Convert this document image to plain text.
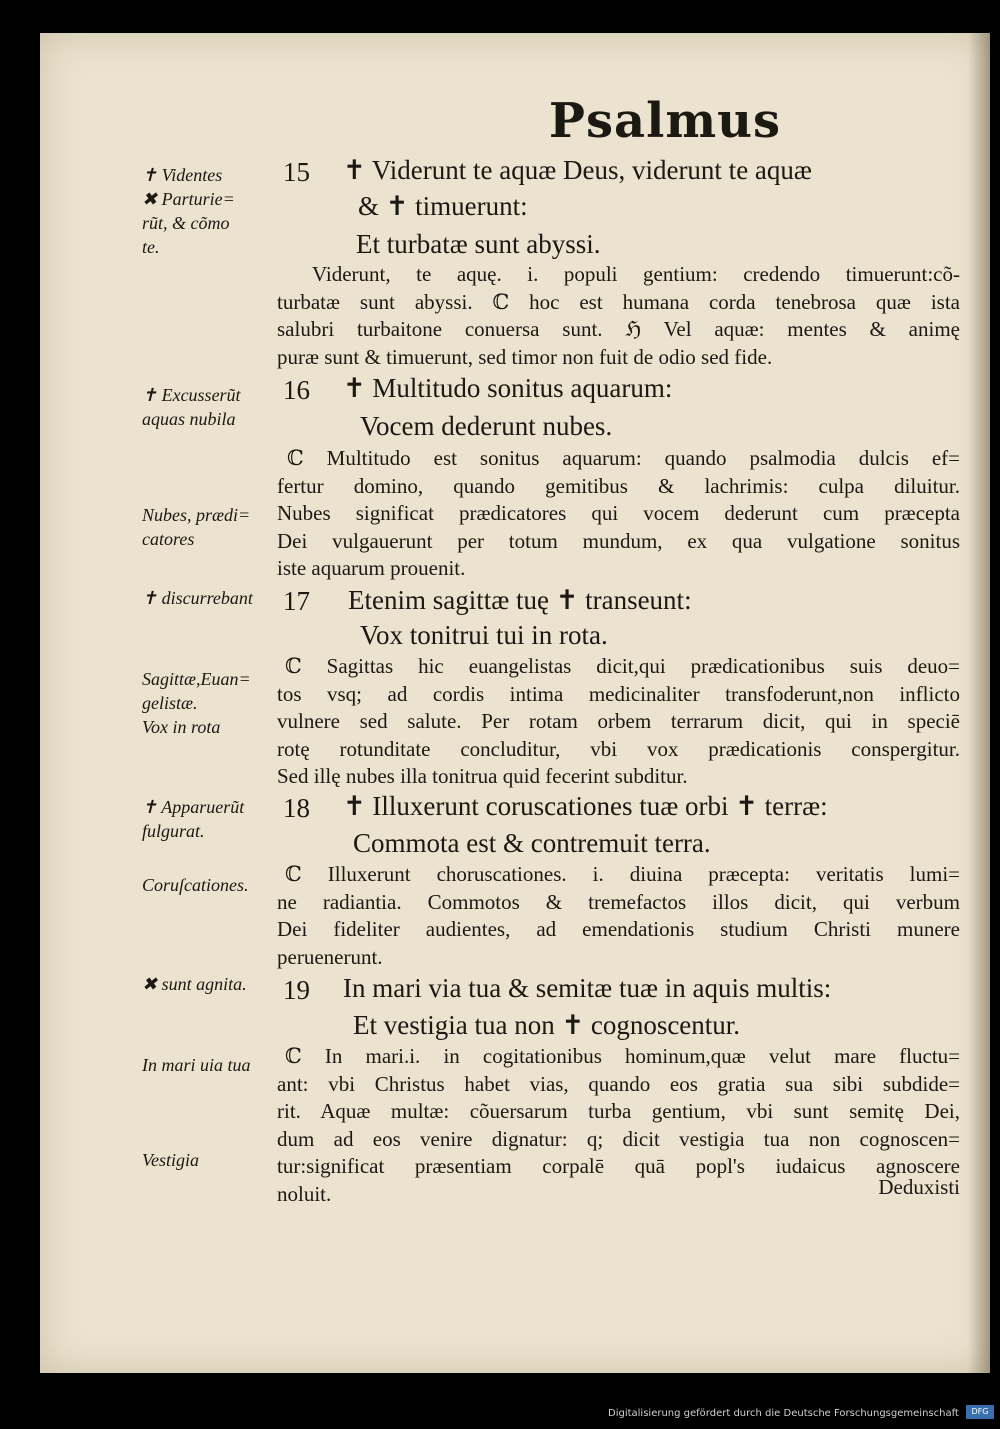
Psalmus
✝ Videntes
✖ Parturie=
rũt, & cõmo
te.
✝ Excusserũt
aquas nubila
Nubes, prædi=
catores
✝ discurrebant
Sagittæ,Euan=
gelistæ.
Vox in rota
✝ Apparuerũt
fulgurat.
Coruſcationes.
✖ sunt agnita.
In mari uia tua
Vestigia
15 ✝ Viderunt te aquæ Deus, viderunt te aquæ
& ✝ timuerunt:
Et turbatæ sunt abyssi.
Viderunt, te aquę. i. populi gentium: credendo timuerunt:cõ-
turbatæ sunt abyssi. ℂ hoc est humana corda tenebrosa quæ ista
salubri turbaitone conuersa sunt. ℌ Vel aquæ: mentes & animę
puræ sunt & timuerunt, sed timor non fuit de odio sed fide.
16 ✝ Multitudo sonitus aquarum:
Vocem dederunt nubes.
ℂ Multitudo est sonitus aquarum: quando psalmodia dulcis ef=
fertur domino, quando gemitibus & lachrimis: culpa diluitur.
Nubes significat prædicatores qui vocem dederunt cum præcepta
Dei vulgauerunt per totum mundum, ex qua vulgatione sonitus
iste aquarum prouenit.
17 Etenim sagittæ tuę ✝ transeunt:
Vox tonitrui tui in rota.
ℂ Sagittas hic euangelistas dicit,qui prædicationibus suis deuo=
tos vsq; ad cordis intima medicinaliter transfoderunt,non inflicto
vulnere sed salute. Per rotam orbem terrarum dicit, qui in speciē
rotę rotunditate concluditur, vbi vox prædicationis conspergitur.
Sed illę nubes illa tonitrua quid fecerint subditur.
18 ✝ Illuxerunt coruscationes tuæ orbi ✝ terræ:
Commota est & contremuit terra.
ℂ Illuxerunt choruscationes. i. diuina præcepta: veritatis lumi=
ne radiantia. Commotos & tremefactos illos dicit, qui verbum
Dei fideliter audientes, ad emendationis studium Christi munere
peruenerunt.
19 In mari via tua & semitæ tuæ in aquis multis:
Et vestigia tua non ✝ cognoscentur.
ℂ In mari.i. in cogitationibus hominum,quæ velut mare fluctu=
ant: vbi Christus habet vias, quando eos gratia sua sibi subdide=
rit. Aquæ multæ: cõuersarum turba gentium, vbi sunt semitę Dei,
dum ad eos venire dignatur: q; dicit vestigia tua non cognoscen=
tur:significat præsentiam corpalē quā popl's iudaicus agnoscere
noluit.	Deduxisti
Digitalisierung gefördert durch die Deutsche Forschungsgemeinschaft	DFG
